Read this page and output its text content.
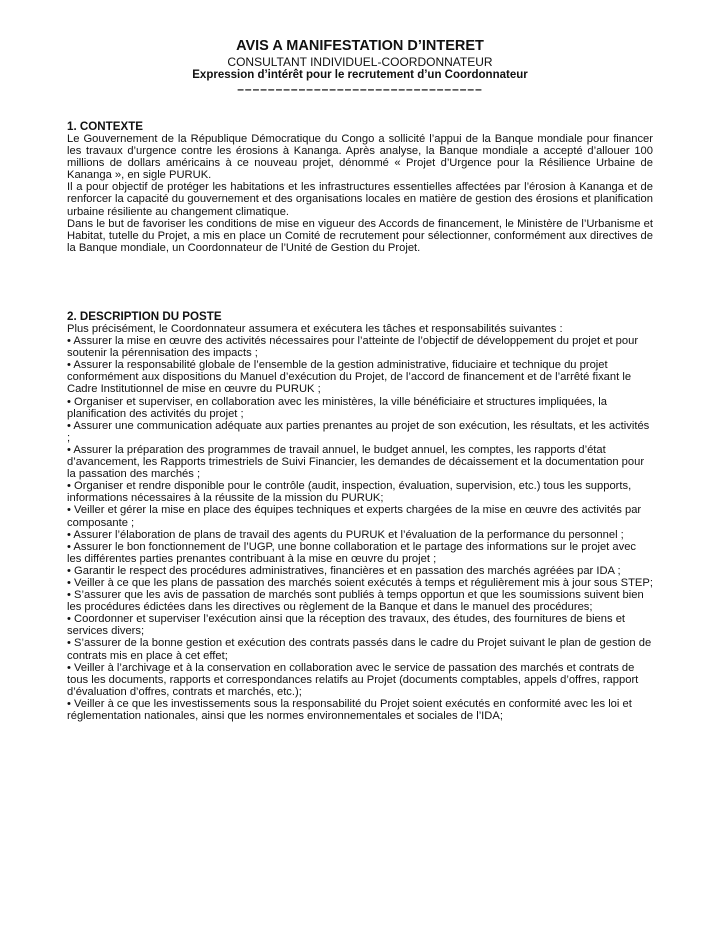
AVIS A MANIFESTATION D’INTERET
CONSULTANT INDIVIDUEL-COORDONNATEUR
Expression d’intérêt pour le recrutement d’un Coordonnateur
––––––––––––––––––––––––––––––––
1. CONTEXTE
Le Gouvernement de la République Démocratique du Congo a sollicité l’appui de la Banque mondiale pour financer les travaux d’urgence contre les érosions à Kananga. Après analyse, la Banque mondiale a accepté d’allouer 100 millions de dollars américains à ce nouveau projet, dénommé « Projet d’Urgence pour la Résilience Urbaine de Kananga », en sigle PURUK.
Il a pour objectif de protéger les habitations et les infrastructures essentielles affectées par l’érosion à Kananga et de renforcer la capacité du gouvernement et des organisations locales en matière de gestion des érosions et planification urbaine résiliente au changement climatique.
Dans le but de favoriser les conditions de mise en vigueur des Accords de financement, le Ministère de l’Urbanisme et Habitat, tutelle du Projet, a mis en place un Comité de recrutement pour sélectionner, conformément aux directives de la Banque mondiale, un Coordonnateur de l’Unité de Gestion du Projet.
2. DESCRIPTION DU POSTE
Plus précisément, le Coordonnateur assumera et exécutera les tâches et responsabilités suivantes :
• Assurer la mise en œuvre des activités nécessaires pour l’atteinte de l’objectif de développement du projet et pour soutenir la pérennisation des impacts ;
• Assurer la responsabilité globale de l’ensemble de la gestion administrative, fiduciaire et technique du projet conformément aux dispositions du Manuel d’exécution du Projet, de l’accord de financement et de l’arrêté fixant le Cadre Institutionnel de mise en œuvre du PURUK ;
• Organiser et superviser, en collaboration avec les ministères, la ville bénéficiaire et structures impliquées, la planification des activités du projet ;
• Assurer une communication adéquate aux parties prenantes au projet de son exécution, les résultats, et les activités ;
• Assurer la préparation des programmes de travail annuel, le budget annuel, les comptes, les rapports d’état d’avancement, les Rapports trimestriels de Suivi Financier, les demandes de décaissement et la documentation pour la passation des marchés ;
• Organiser et rendre disponible pour le contrôle (audit, inspection, évaluation, supervision, etc.) tous les supports, informations nécessaires à la réussite de la mission du PURUK;
• Veiller et gérer la mise en place des équipes techniques et experts chargées de la mise en œuvre des activités par composante ;
• Assurer l’élaboration de plans de travail des agents du PURUK et l’évaluation de la performance du personnel ;
• Assurer le bon fonctionnement de l’UGP, une bonne collaboration et le partage des informations sur le projet avec les différentes parties prenantes contribuant à la mise en œuvre du projet ;
• Garantir le respect des procédures administratives, financières et en passation des marchés agréées par IDA ;
• Veiller à ce que les plans de passation des marchés soient exécutés à temps et régulièrement mis à jour sous STEP;
• S’assurer que les avis de passation de marchés sont publiés à temps opportun et que les soumissions suivent bien les procédures édictées dans les directives ou règlement de la Banque et dans le manuel des procédures;
• Coordonner et superviser l’exécution ainsi que la réception des travaux, des études, des fournitures de biens et services divers;
• S’assurer de la bonne gestion et exécution des contrats passés dans le cadre du Projet suivant le plan de gestion de contrats mis en place à cet effet;
• Veiller à l’archivage et à la conservation en collaboration avec le service de passation des marchés et contrats de tous les documents, rapports et correspondances relatifs au Projet (documents comptables, appels d’offres, rapport d’évaluation d’offres, contrats et marchés, etc.);
• Veiller à ce que les investissements sous la responsabilité du Projet soient exécutés en conformité avec les loi et réglementation nationales, ainsi que les normes environnementales et sociales de l’IDA;
